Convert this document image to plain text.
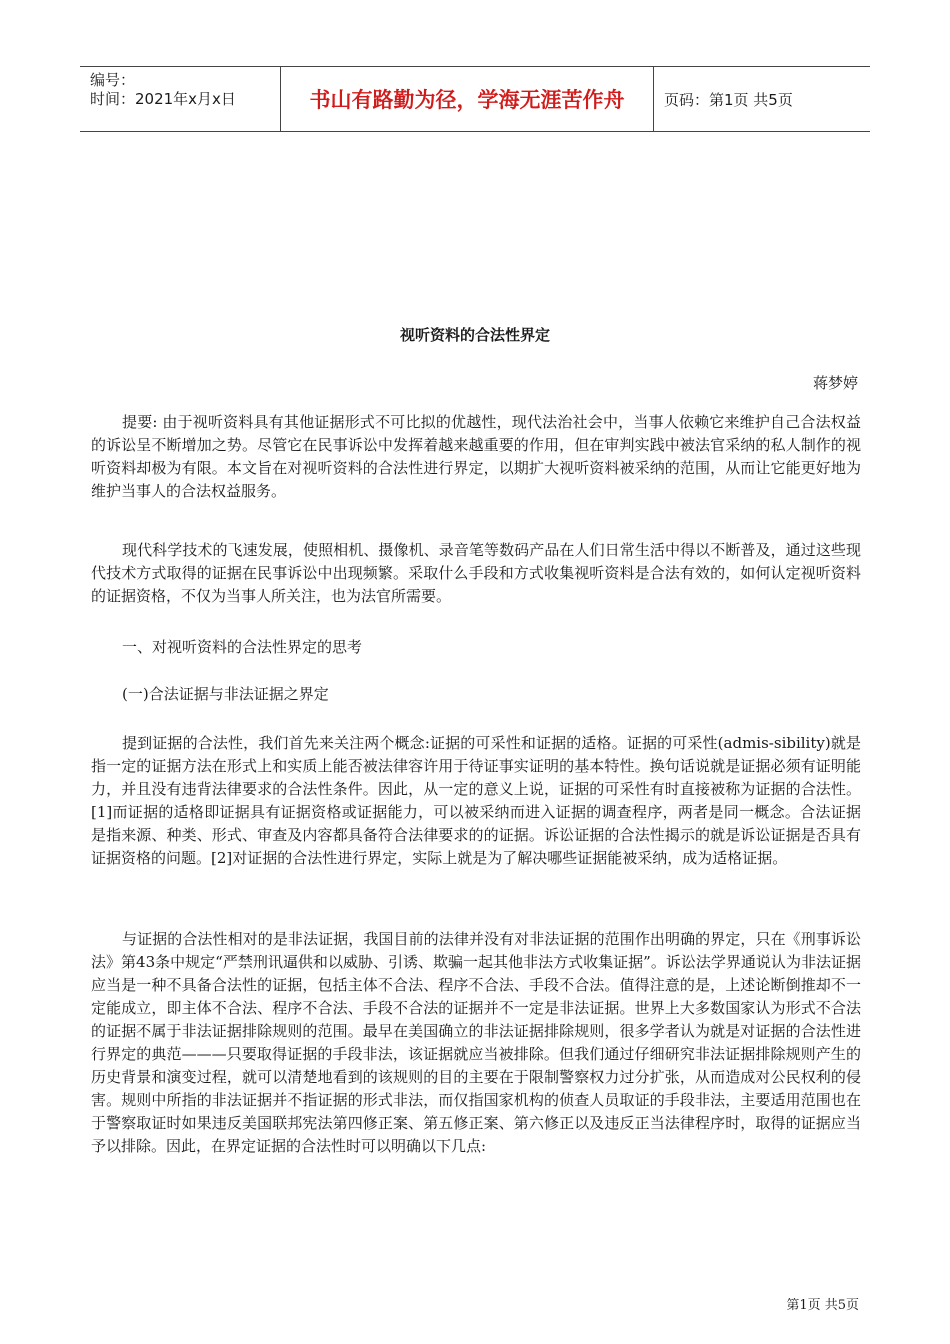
编号：
时间：2021年x月x日	书山有路勤为径，学海无涯苦作舟	页码：第1页 共5页
视听资料的合法性界定
蒋梦婷

提要: 由于视听资料具有其他证据形式不可比拟的优越性，现代法治社会中，当事人依赖它来维护自己合法权益的诉讼呈不断增加之势。尽管它在民事诉讼中发挥着越来越重要的作用，但在审判实践中被法官采纳的私人制作的视听资料却极为有限。本文旨在对视听资料的合法性进行界定，以期扩大视听资料被采纳的范围，从而让它能更好地为维护当事人的合法权益服务。

现代科学技术的飞速发展，使照相机、摄像机、录音笔等数码产品在人们日常生活中得以不断普及，通过这些现代技术方式取得的证据在民事诉讼中出现频繁。采取什么手段和方式收集视听资料是合法有效的，如何认定视听资料的证据资格，不仅为当事人所关注，也为法官所需要。

一、对视听资料的合法性界定的思考

(一)合法证据与非法证据之界定

提到证据的合法性，我们首先来关注两个概念:证据的可采性和证据的适格。证据的可采性(admis-sibility)就是指一定的证据方法在形式上和实质上能否被法律容许用于待证事实证明的基本特性。换句话说就是证据必须有证明能力，并且没有违背法律要求的合法性条件。因此，从一定的意义上说，证据的可采性有时直接被称为证据的合法性。[1]而证据的适格即证据具有证据资格或证据能力，可以被采纳而进入证据的调查程序，两者是同一概念。合法证据是指来源、种类、形式、审查及内容都具备符合法律要求的的证据。诉讼证据的合法性揭示的就是诉讼证据是否具有证据资格的问题。[2]对证据的合法性进行界定，实际上就是为了解决哪些证据能被采纳，成为适格证据。

与证据的合法性相对的是非法证据，我国目前的法律并没有对非法证据的范围作出明确的界定，只在《刑事诉讼法》第43条中规定“严禁刑讯逼供和以威胁、引诱、欺骗一起其他非法方式收集证据”。诉讼法学界通说认为非法证据应当是一种不具备合法性的证据，包括主体不合法、程序不合法、手段不合法。值得注意的是，上述论断倒推却不一定能成立，即主体不合法、程序不合法、手段不合法的证据并不一定是非法证据。世界上大多数国家认为形式不合法的证据不属于非法证据排除规则的范围。最早在美国确立的非法证据排除规则，很多学者认为就是对证据的合法性进行界定的典范———只要取得证据的手段非法，该证据就应当被排除。但我们通过仔细研究非法证据排除规则产生的历史背景和演变过程，就可以清楚地看到的该规则的目的主要在于限制警察权力过分扩张，从而造成对公民权利的侵害。规则中所指的非法证据并不指证据的形式非法，而仅指国家机构的侦查人员取证的手段非法，主要适用范围也在于警察取证时如果违反美国联邦宪法第四修正案、第五修正案、第六修正以及违反正当法律程序时，取得的证据应当予以排除。因此，在界定证据的合法性时可以明确以下几点:

第1页 共5页
